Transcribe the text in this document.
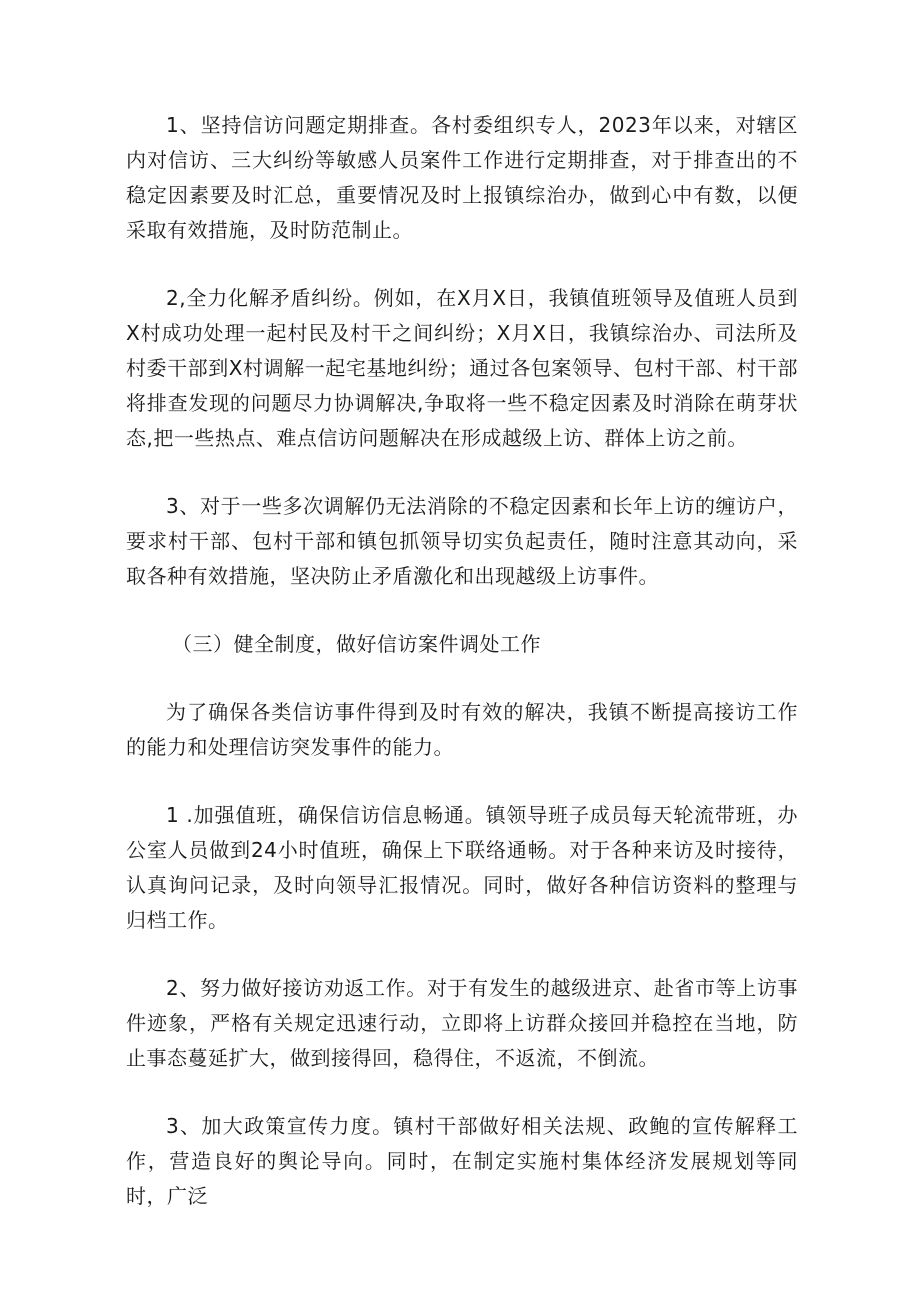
1、坚持信访问题定期排查。各村委组织专人，2023年以来，对辖区内对信访、三大纠纷等敏感人员案件工作进行定期排查，对于排查出的不稳定因素要及时汇总，重要情况及时上报镇综治办，做到心中有数，以便采取有效措施，及时防范制止。

2,全力化解矛盾纠纷。例如，在X月X日，我镇值班领导及值班人员到X村成功处理一起村民及村干之间纠纷；X月X日，我镇综治办、司法所及村委干部到X村调解一起宅基地纠纷；通过各包案领导、包村干部、村干部将排查发现的问题尽力协调解决,争取将一些不稳定因素及时消除在萌芽状态,把一些热点、难点信访问题解决在形成越级上访、群体上访之前。

3、对于一些多次调解仍无法消除的不稳定因素和长年上访的缠访户，要求村干部、包村干部和镇包抓领导切实负起责任，随时注意其动向，采取各种有效措施，坚决防止矛盾激化和出现越级上访事件。

（三）健全制度，做好信访案件调处工作

为了确保各类信访事件得到及时有效的解决，我镇不断提高接访工作的能力和处理信访突发事件的能力。

1 .加强值班，确保信访信息畅通。镇领导班子成员每天轮流带班，办公室人员做到24小时值班，确保上下联络通畅。对于各种来访及时接待，认真询问记录，及时向领导汇报情况。同时，做好各种信访资料的整理与归档工作。

2、努力做好接访劝返工作。对于有发生的越级进京、赴省市等上访事件迹象，严格有关规定迅速行动，立即将上访群众接回并稳控在当地，防止事态蔓延扩大，做到接得回，稳得住，不返流，不倒流。

3、加大政策宣传力度。镇村干部做好相关法规、政鲍的宣传解释工作，营造良好的舆论导向。同时，在制定实施村集体经济发展规划等同时，广泛
